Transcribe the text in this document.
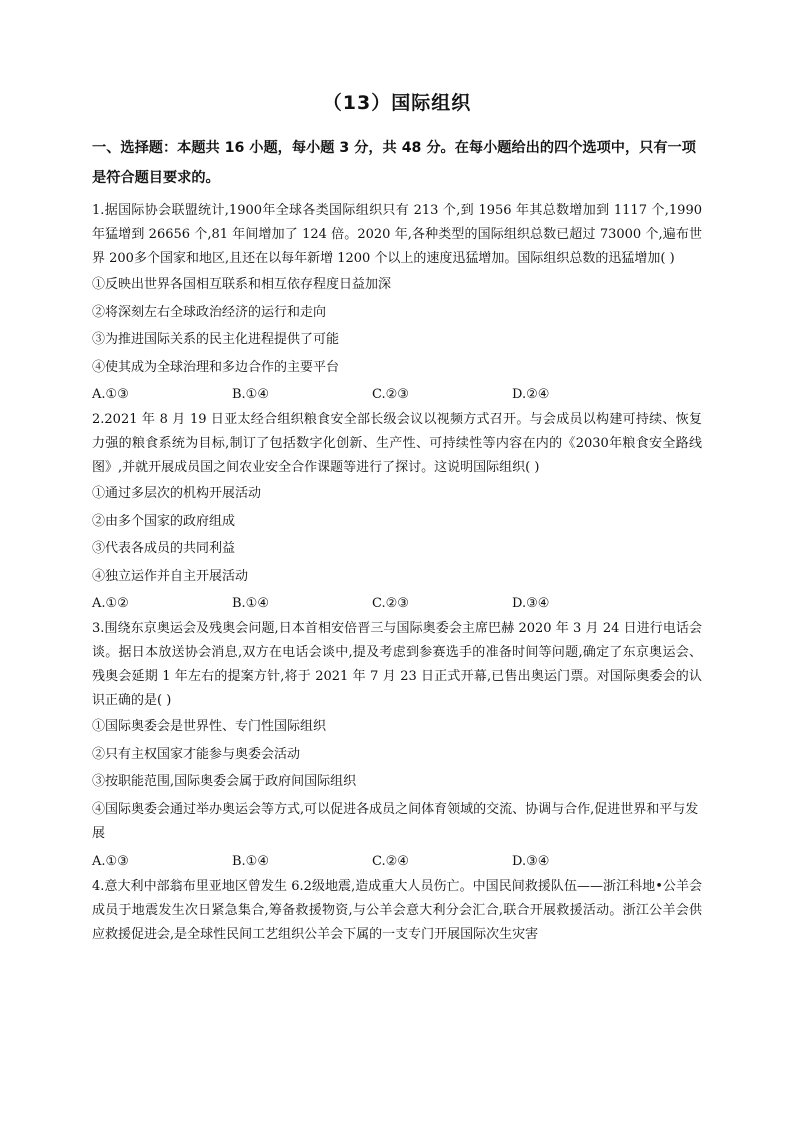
（13）国际组织

一、选择题：本题共 16 小题，每小题 3 分，共 48 分。在每小题给出的四个选项中，只有一项是符合题目要求的。

1.据国际协会联盟统计,1900年全球各类国际组织只有 213 个,到 1956 年其总数增加到 1117 个,1990 年猛增到 26656 个,81 年间增加了 124 倍。2020 年,各种类型的国际组织总数已超过 73000 个,遍布世界 200多个国家和地区,且还在以每年新增 1200 个以上的速度迅猛增加。国际组织总数的迅猛增加( )

①反映出世界各国相互联系和相互依存程度日益加深

②将深刻左右全球政治经济的运行和走向

③为推进国际关系的民主化进程提供了可能

④使其成为全球治理和多边合作的主要平台

A.①③	B.①④	C.②③	D.②④

2.2021 年 8 月 19 日亚太经合组织粮食安全部长级会议以视频方式召开。与会成员以构建可持续、恢复力强的粮食系统为目标,制订了包括数字化创新、生产性、可持续性等内容在内的《2030年粮食安全路线图》,并就开展成员国之间农业安全合作课题等进行了探讨。这说明国际组织( )

①通过多层次的机构开展活动

②由多个国家的政府组成

③代表各成员的共同利益

④独立运作并自主开展活动

A.①②	B.①④	C.②③	D.③④

3.围绕东京奥运会及残奥会问题,日本首相安倍晋三与国际奥委会主席巴赫 2020 年 3 月 24 日进行电话会谈。据日本放送协会消息,双方在电话会谈中,提及考虑到参赛选手的准备时间等问题,确定了东京奥运会、残奥会延期 1 年左右的提案方针,将于 2021 年 7 月 23 日正式开幕,已售出奥运门票。对国际奥委会的认识正确的是( )

①国际奥委会是世界性、专门性国际组织

②只有主权国家才能参与奥委会活动

③按职能范围,国际奥委会属于政府间国际组织

④国际奥委会通过举办奥运会等方式,可以促进各成员之间体育领域的交流、协调与合作,促进世界和平与发展

A.①③	B.①④	C.②④	D.③④

4.意大利中部翁布里亚地区曾发生 6.2级地震,造成重大人员伤亡。中国民间救援队伍——浙江科地•公羊会成员于地震发生次日紧急集合,筹备救援物资,与公羊会意大利分会汇合,联合开展救援活动。浙江公羊会供应救援促进会,是全球性民间工艺组织公羊会下属的一支专门开展国际次生灾害
